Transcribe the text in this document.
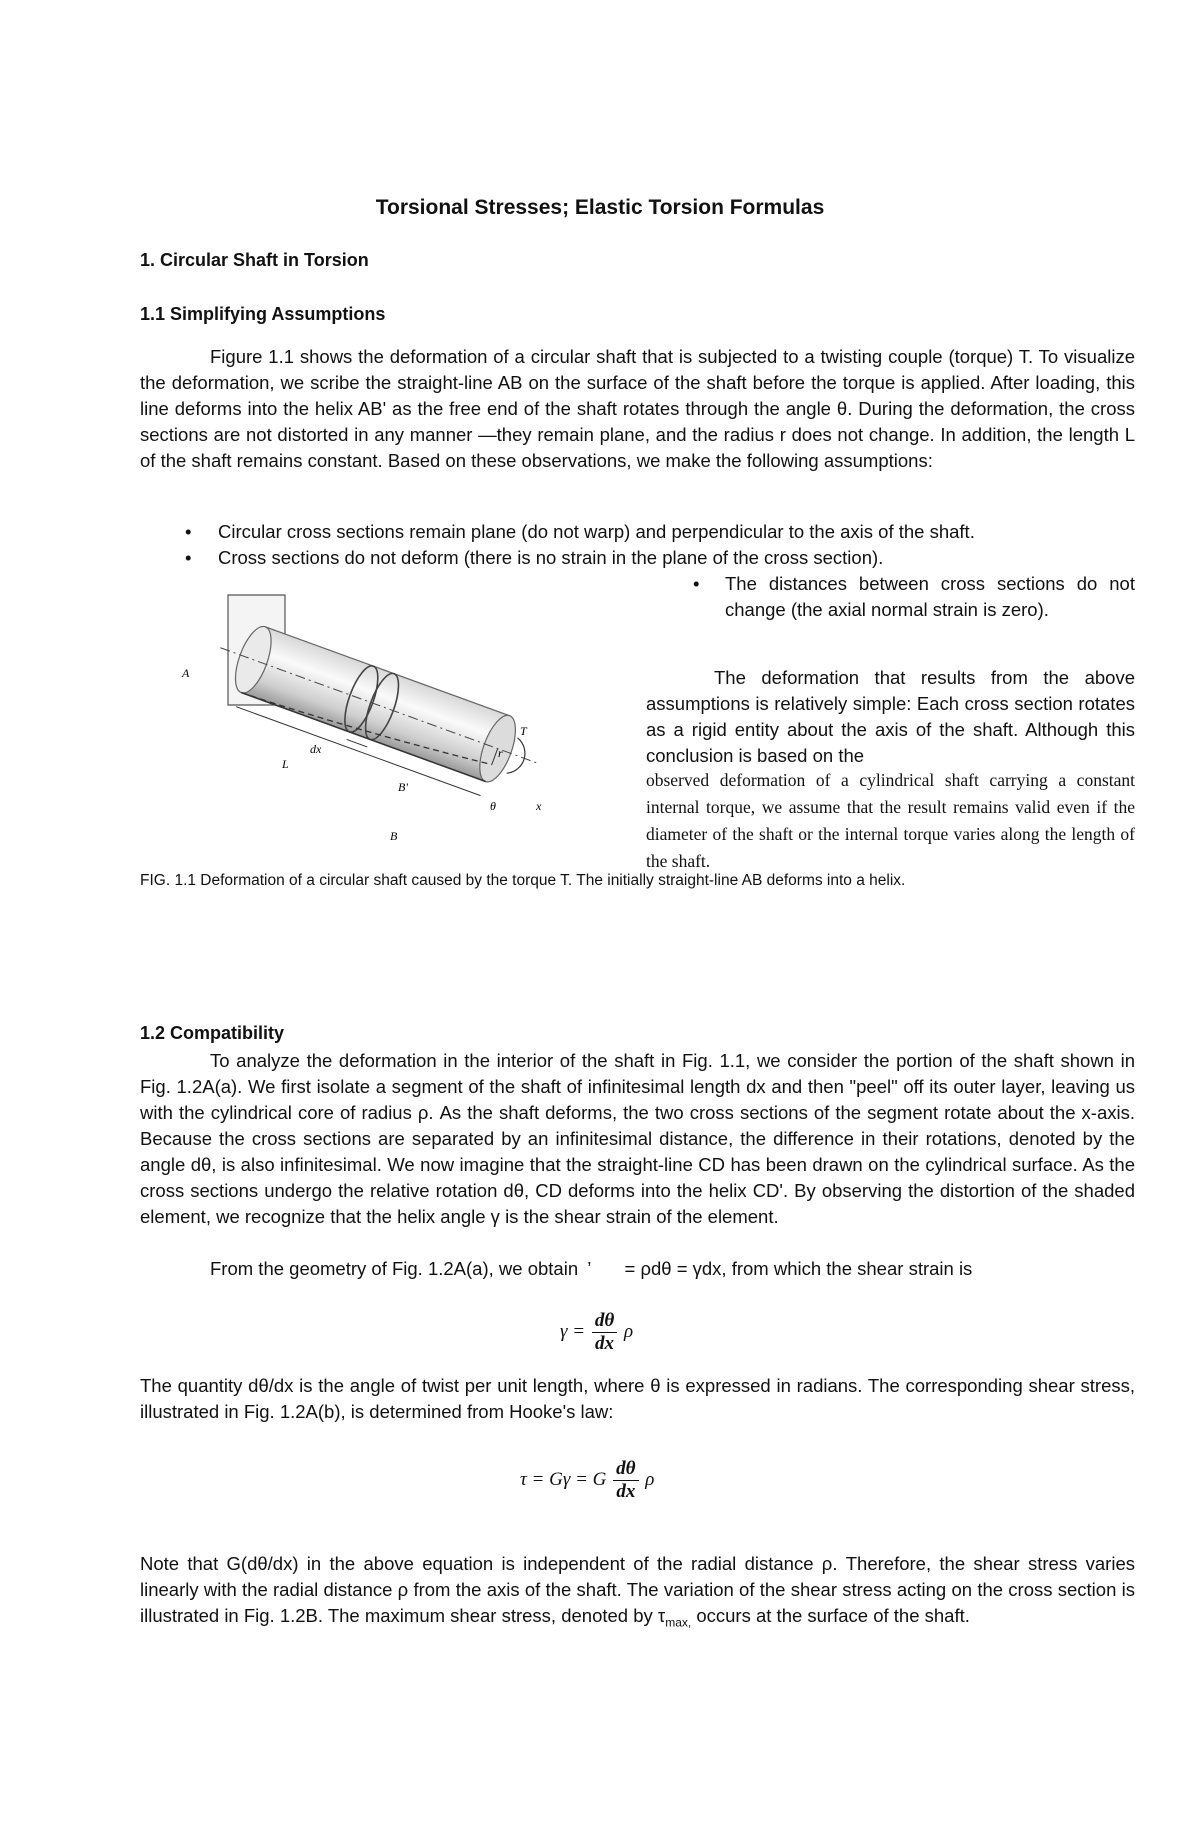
Torsional Stresses; Elastic Torsion Formulas
1. Circular Shaft in Torsion
1.1 Simplifying Assumptions
Figure 1.1 shows the deformation of a circular shaft that is subjected to a twisting couple (torque) T. To visualize the deformation, we scribe the straight-line AB on the surface of the shaft before the torque is applied. After loading, this line deforms into the helix AB' as the free end of the shaft rotates through the angle θ. During the deformation, the cross sections are not distorted in any manner —they remain plane, and the radius r does not change. In addition, the length L of the shaft remains constant. Based on these observations, we make the following assumptions:
• Circular cross sections remain plane (do not warp) and perpendicular to the axis of the shaft.
• Cross sections do not deform (there is no strain in the plane of the cross section).
• The distances between cross sections do not change (the axial normal strain is zero).
A
B
B'
T
θ	x
dx
L
r
The deformation that results from the above assumptions is relatively simple: Each cross section rotates as a rigid entity about the axis of the shaft. Although this conclusion is based on the
observed deformation of a cylindrical shaft carrying a constant internal torque, we assume that the result remains valid even if the diameter of the shaft or the internal torque varies along the length of the shaft.
FIG. 1.1 Deformation of a circular shaft caused by the torque T. The initially straight-line AB deforms into a helix.
1.2 Compatibility
To analyze the deformation in the interior of the shaft in Fig. 1.1, we consider the portion of the shaft shown in Fig. 1.2A(a). We first isolate a segment of the shaft of infinitesimal length dx and then "peel" off its outer layer, leaving us with the cylindrical core of radius ρ. As the shaft deforms, the two cross sections of the segment rotate about the x-axis. Because the cross sections are separated by an infinitesimal distance, the difference in their rotations, denoted by the angle dθ, is also infinitesimal. We now imagine that the straight-line CD has been drawn on the cylindrical surface. As the cross sections undergo the relative rotation dθ, CD deforms into the helix CD'. By observing the distortion of the shaded element, we recognize that the helix angle γ is the shear strain of the element.
From the geometry of Fig. 1.2A(a), we obtain ’ = ρdθ = γdx, from which the shear strain is
$\gamma = \frac{d\theta}{dx}$ ρ
The quantity dθ/dx is the angle of twist per unit length, where θ is expressed in radians. The corresponding shear stress, illustrated in Fig. 1.2A(b), is determined from Hooke's law:
τ = Gγ = G $\frac{d\theta}{dx}$ ρ
Note that G(dθ/dx) in the above equation is independent of the radial distance ρ. Therefore, the shear stress varies linearly with the radial distance ρ from the axis of the shaft. The variation of the shear stress acting on the cross section is illustrated in Fig. 1.2B. The maximum shear stress, denoted by $\tau_{max,}$ occurs at the surface of the shaft.
